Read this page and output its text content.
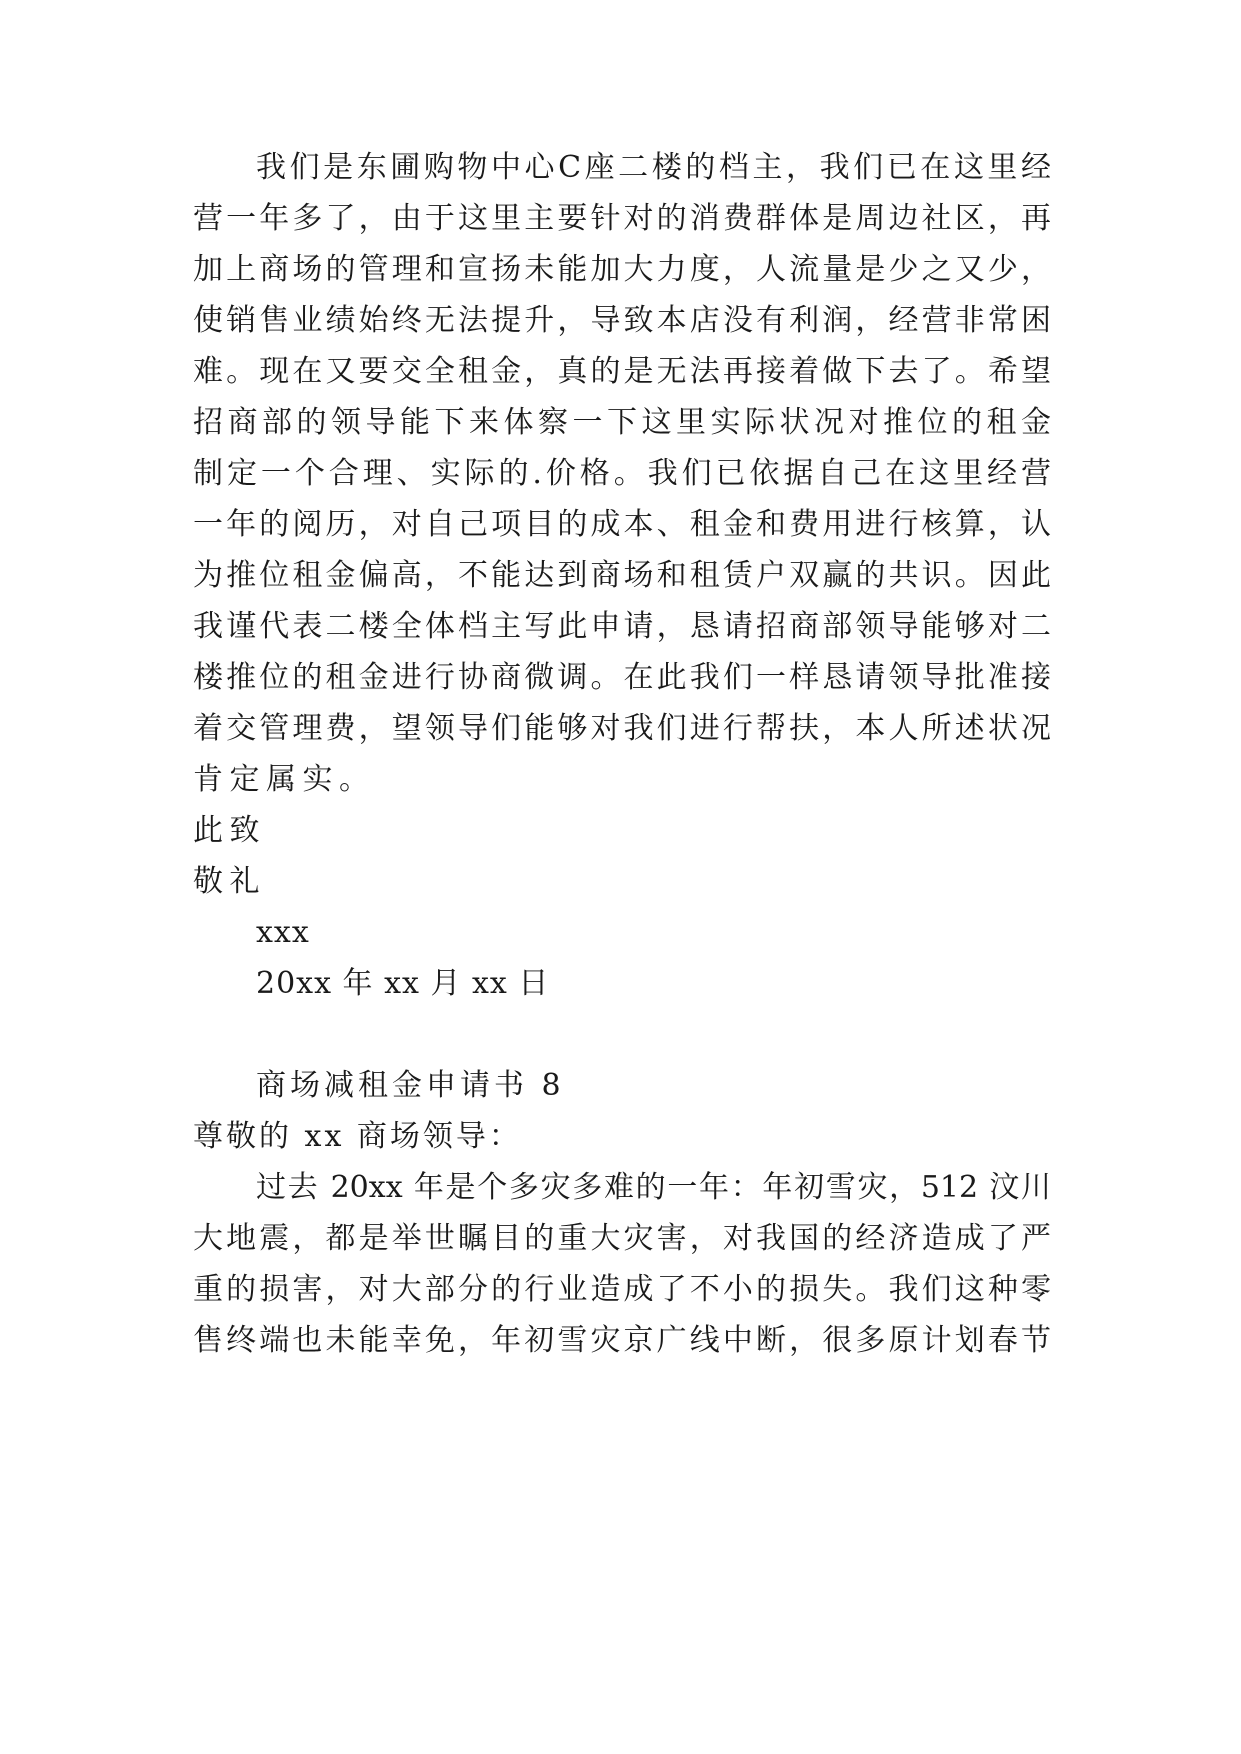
我们是东圃购物中心C座二楼的档主，我们已在这里经
营一年多了，由于这里主要针对的消费群体是周边社区，再
加上商场的管理和宣扬未能加大力度，人流量是少之又少，
使销售业绩始终无法提升，导致本店没有利润，经营非常困
难。现在又要交全租金，真的是无法再接着做下去了。希望
招商部的领导能下来体察一下这里实际状况对推位的租金
制定一个合理、实际的.价格。我们已依据自己在这里经营
一年的阅历，对自己项目的成本、租金和费用进行核算，认
为推位租金偏高，不能达到商场和租赁户双赢的共识。因此
我谨代表二楼全体档主写此申请，恳请招商部领导能够对二
楼推位的租金进行协商微调。在此我们一样恳请领导批准接
着交管理费，望领导们能够对我们进行帮扶，本人所述状况
肯定属实。
此致
敬礼
xxx
20xx 年 xx 月 xx 日
商场减租金申请书 8
尊敬的 xx 商场领导：
过去 20xx 年是个多灾多难的一年：年初雪灾，512 汶川
大地震，都是举世瞩目的重大灾害，对我国的经济造成了严
重的损害，对大部分的行业造成了不小的损失。我们这种零
售终端也未能幸免，年初雪灾京广线中断，很多原计划春节
